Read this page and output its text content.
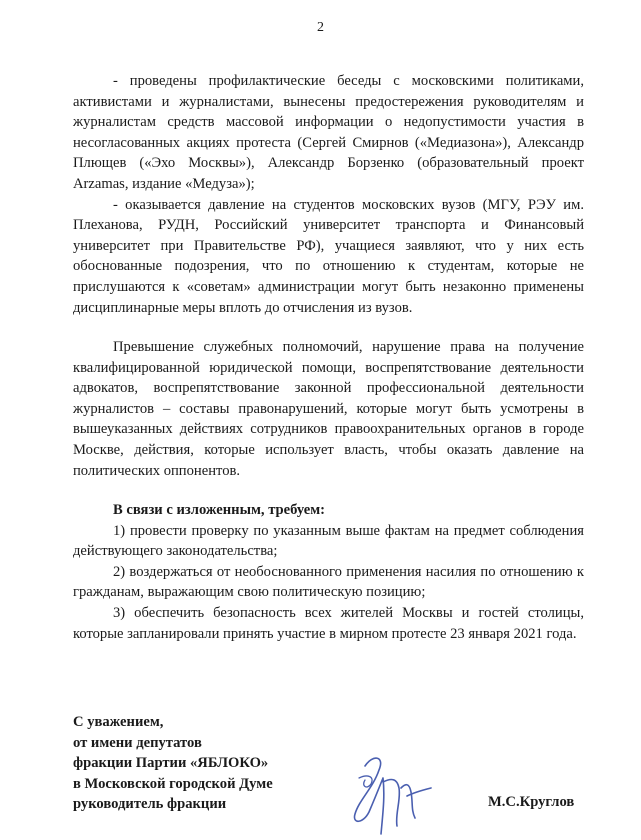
2

- проведены профилактические беседы с московскими политиками, активистами и журналистами, вынесены предостережения руководителям и журналистам средств массовой информации о недопустимости участия в несогласованных акциях протеста (Сергей Смирнов («Медиазона»), Александр Плющев («Эхо Москвы»), Александр Борзенко (образовательный проект Arzamas, издание «Медуза»);

- оказывается давление на студентов московских вузов (МГУ, РЭУ им. Плеханова, РУДН, Российский университет транспорта и Финансовый университет при Правительстве РФ), учащиеся заявляют, что у них есть обоснованные подозрения, что по отношению к студентам, которые не прислушаются к «советам» администрации могут быть незаконно применены дисциплинарные меры вплоть до отчисления из вузов.

Превышение служебных полномочий, нарушение права на получение квалифицированной юридической помощи, воспрепятствование деятельности адвокатов, воспрепятствование законной профессиональной деятельности журналистов – составы правонарушений, которые могут быть усмотрены в вышеуказанных действиях сотрудников правоохранительных органов в городе Москве, действия, которые использует власть, чтобы оказать давление на политических оппонентов.

В связи с изложенным, требуем:

1) провести проверку по указанным выше фактам на предмет соблюдения действующего законодательства;

2) воздержаться от необоснованного применения насилия по отношению к гражданам, выражающим свою политическую позицию;

3) обеспечить безопасность всех жителей Москвы и гостей столицы, которые запланировали принять участие в мирном протесте 23 января 2021 года.

С уважением,
от имени депутатов
фракции Партии «ЯБЛОКО»
в Московской городской Думе
руководитель фракции	М.С.Круглов
